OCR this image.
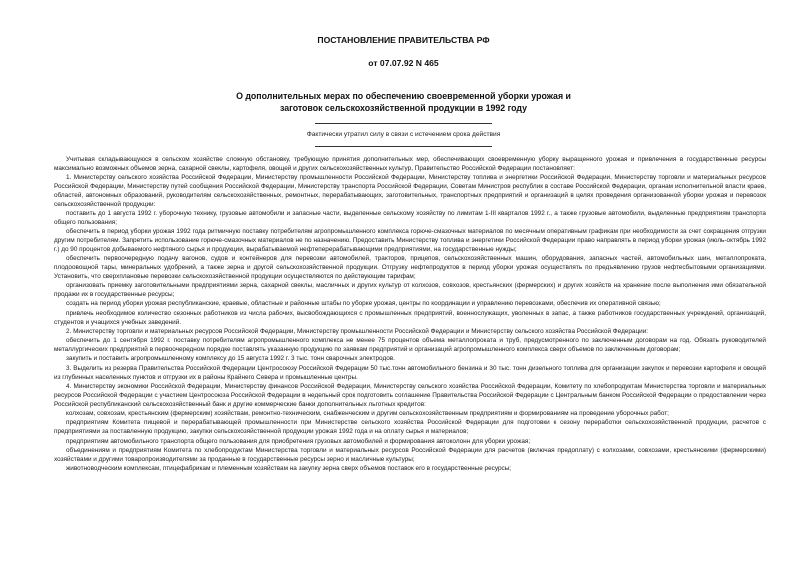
ПОСТАНОВЛЕНИЕ ПРАВИТЕЛЬСТВА РФ

от 07.07.92 N 465

О дополнительных мерах по обеспечению своевременной уборки урожая и
заготовок сельскохозяйственной продукции в 1992 году
Фактически утратил силу в связи с истечением срока действия

Учитывая складывающуюся в сельском хозяйстве сложную обстановку, требующую принятия дополнительных мер, обеспечивающих своевременную уборку выращенного урожая и привлечения в государственные ресурсы максимально возможных объемов зерна, сахарной свеклы, картофеля, овощей и других сельскохозяйственных культур, Правительство Российской Федерации постановляет:

1. Министерству сельского хозяйства Российской Федерации, Министерству промышленности Российской Федерации, Министерству топлива и энергетики Российской Федерации, Министерству торговли и материальных ресурсов Российской Федерации, Министерству путей сообщения Российской Федерации, Министерству транспорта Российской Федерации, Советам Министров республик в составе Российской Федерации, органам исполнительной власти краев, областей, автономных образований, руководителям сельскохозяйственных, ремонтных, перерабатывающих, заготовительных, транспортных предприятий и организаций в целях проведения организованной уборки урожая и перевозок сельскохозяйственной продукции:

поставить до 1 августа 1992 г. уборочную технику, грузовые автомобили и запасные части, выделенные сельскому хозяйству по лимитам 1-III кварталов 1992 г., а также грузовые автомобили, выделенные предприятиям транспорта общего пользования;

обеспечить в период уборки урожая 1992 года ритмичную поставку потребителям агропромышленного комплекса горюче-смазочных материалов по месячным оперативным графикам при необходимости за счет сокращения отгрузки другим потребителям. Запретить использование горюче-смазочных материалов не по назначению. Предоставить Министерству топлива и энергетики Российской Федерации право направлять в период уборки урожая (июль-октябрь 1992 г.) до 90 процентов добываемого нефтяного сырья и продукции, вырабатываемой нефтеперерабатывающими предприятиями, на государственные нужды;

обеспечить первоочередную подачу вагонов, судов и контейнеров для перевозки автомобилей, тракторов, прицепов, сельскохозяйственных машин, оборудования, запасных частей, автомобильных шин, металлопроката, плодоовощной тары, минеральных удобрений, а также зерна и другой сельскохозяйственной продукции. Отгрузку нефтепродуктов в период уборки урожая осуществлять по предъявлению грузов нефтесбытовыми организациями. Установить, что сверхплановые перевозки сельскохозяйственной продукции осуществляются по действующим тарифам;

организовать приемку заготовительными предприятиями зерна, сахарной свеклы, масличных и других культур от колхозов, совхозов, крестьянских (фермерских) и других хозяйств на хранение после выполнения ими обязательной продажи их в государственные ресурсы;

создать на период уборки урожая республиканские, краевые, областные и районные штабы по уборке урожая, центры по координации и управлению перевозками, обеспечив их оперативной связью;

привлечь необходимое количество сезонных работников из числа рабочих, высвобождающихся с промышленных предприятий, военнослужащих, уволенных в запас, а также работников государственных учреждений, организаций, студентов и учащихся учебных заведений.

2. Министерству торговли и материальных ресурсов Российской Федерации, Министерству промышленности Российской Федерации и Министерству сельского хозяйства Российской Федерации:

обеспечить до 1 сентября 1992 г. поставку потребителям агропромышленного комплекса не менее 75 процентов объема металлопроката и труб, предусмотренного по заключенным договорам на год. Обязать руководителей металлургических предприятий в первоочередном порядке поставлять указанную продукцию по заявкам предприятий и организаций агропромышленного комплекса сверх объемов по заключенным договорам;

закупить и поставить агропромышленному комплексу до 15 августа 1992 г. 3 тыс. тонн сварочных электродов.

3. Выделить из резерва Правительства Российской Федерации Центросоюзу Российской Федерации 50 тыс.тонн автомобильного бензина и 30 тыс. тонн дизельного топлива для организации закупок и перевозки картофеля и овощей из глубинных населенных пунктов и отгрузки их в районы Крайнего Севера и промышленные центры.

4. Министерству экономики Российской Федерации, Министерству финансов Российской Федерации, Министерству сельского хозяйства Российской Федерации, Комитету по хлебопродуктам Министерства торговли и материальных ресурсов Российской Федерации с участием Центросоюза Российской Федерации в недельный срок подготовить соглашение Правительства Российской Федерации с Центральным банком Российской Федерации о предоставлении через Российской республиканский сельскохозяйственный банк и другие коммерческие банки дополнительных льготных кредитов:

колхозам, совхозам, крестьянским (фермерским) хозяйствам, ремонтно-техническим, снабженческим и другим сельскохозяйственным предприятиям и формированиям на проведение уборочных работ;

предприятиям Комитета пищевой и перерабатывающей промышленности при Министерстве сельского хозяйства Российской Федерации для подготовки к сезону переработки сельскохозяйственной продукции, расчетов с предприятиями за поставленную продукцию, закупки сельскохозяйственной продукции урожая 1992 года и на оплату сырья и материалов;

предприятиям автомобильного транспорта общего пользования для приобретения грузовых автомобилей и формирования автоколонн для уборки урожая;

объединениям и предприятиям Комитета по хлебопродуктам Министерства торговли и материальных ресурсов Российской Федерации для расчетов (включая предоплату) с колхозами, совхозами, крестьянскими (фермерскими) хозяйствами и другими товаропроизводителями за проданные в государственные ресурсы зерно и масличные культуры;

животноводческим комплексам, птицефабрикам и племенным хозяйствам на закупку зерна сверх объемов поставок его в государственные ресурсы;
